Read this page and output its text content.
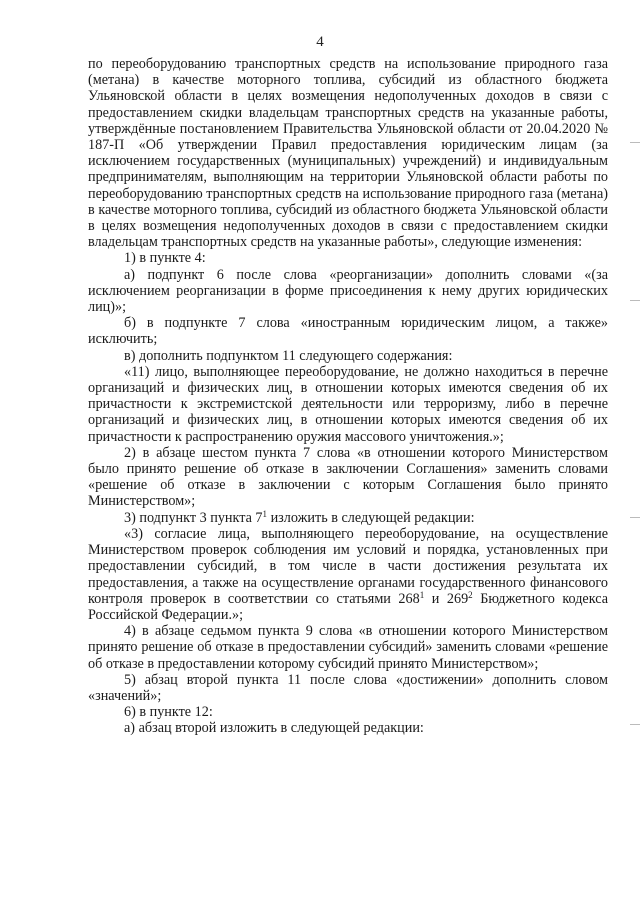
4

по переоборудованию транспортных средств на использование природного газа (метана) в качестве моторного топлива, субсидий из областного бюджета Ульяновской области в целях возмещения недополученных доходов в связи с предоставлением скидки владельцам транспортных средств на указанные работы, утверждённые постановлением Правительства Ульяновской области от 20.04.2020 № 187-П «Об утверждении Правил предоставления юридическим лицам (за исключением государственных (муниципальных) учреждений) и индивидуальным предпринимателям, выполняющим на территории Ульяновской области работы по переоборудованию транспортных средств на использование природного газа (метана) в качестве моторного топлива, субсидий из областного бюджета Ульяновской области в целях возмещения недополученных доходов в связи с предоставлением скидки владельцам транспортных средств на указанные работы», следующие изменения:

1) в пункте 4:

а) подпункт 6 после слова «реорганизации» дополнить словами «(за исключением реорганизации в форме присоединения к нему других юридических лиц)»;

б) в подпункте 7 слова «иностранным юридическим лицом, а также» исключить;

в) дополнить подпунктом 11 следующего содержания:

«11) лицо, выполняющее переоборудование, не должно находиться в перечне организаций и физических лиц, в отношении которых имеются сведения об их причастности к экстремистской деятельности или терроризму, либо в перечне организаций и физических лиц, в отношении которых имеются сведения об их причастности к распространению оружия массового уничтожения.»;

2) в абзаце шестом пункта 7 слова «в отношении которого Министерством было принято решение об отказе в заключении Соглашения» заменить словами «решение об отказе в заключении с которым Соглашения было принято Министерством»;

3) подпункт 3 пункта $7^1$ изложить в следующей редакции:

«3) согласие лица, выполняющего переоборудование, на осуществление Министерством проверок соблюдения им условий и порядка, установленных при предоставлении субсидий, в том числе в части достижения результата их предоставления, а также на осуществление органами государственного финансового контроля проверок в соответствии со статьями $268^1$ и $269^2$ Бюджетного кодекса Российской Федерации.»;

4) в абзаце седьмом пункта 9 слова «в отношении которого Министерством принято решение об отказе в предоставлении субсидий» заменить словами «решение об отказе в предоставлении которому субсидий принято Министерством»;

5) абзац второй пункта 11 после слова «достижении» дополнить словом «значений»;

6) в пункте 12:

а) абзац второй изложить в следующей редакции:
